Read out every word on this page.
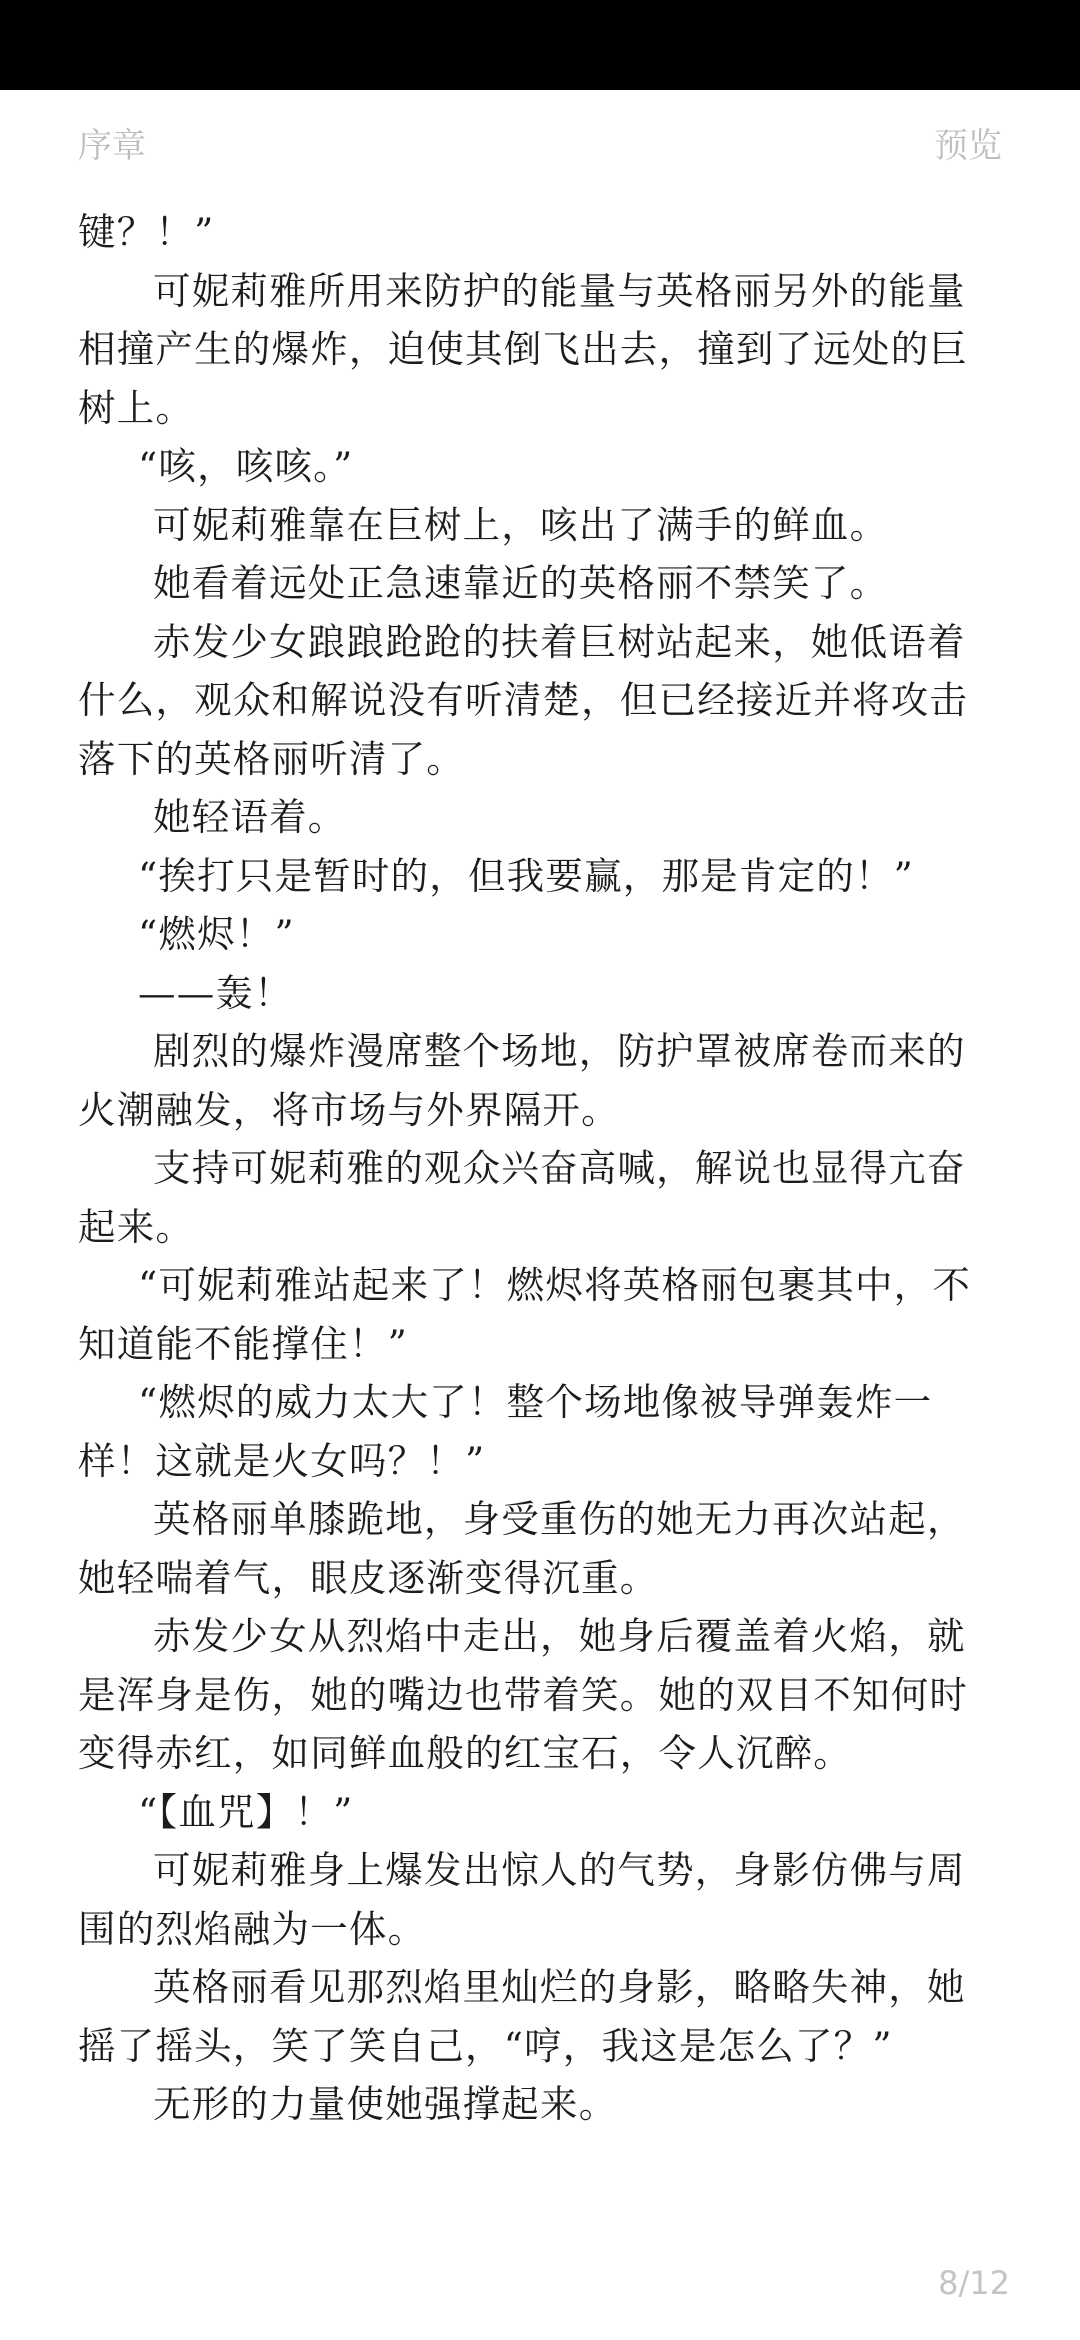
序章	预览

键？！”

可妮莉雅所用来防护的能量与英格丽另外的能量相撞产生的爆炸，迫使其倒飞出去，撞到了远处的巨树上。

“咳，咳咳。”

可妮莉雅靠在巨树上，咳出了满手的鲜血。

她看着远处正急速靠近的英格丽不禁笑了。

赤发少女踉踉跄跄的扶着巨树站起来，她低语着什么，观众和解说没有听清楚，但已经接近并将攻击落下的英格丽听清了。

她轻语着。

“挨打只是暂时的，但我要赢，那是肯定的！”

“燃烬！”

——轰！

剧烈的爆炸漫席整个场地，防护罩被席卷而来的火潮融发，将市场与外界隔开。

支持可妮莉雅的观众兴奋高喊，解说也显得亢奋起来。

“可妮莉雅站起来了！燃烬将英格丽包裹其中，不知道能不能撑住！”

“燃烬的威力太大了！整个场地像被导弹轰炸一样！这就是火女吗？！”

英格丽单膝跪地，身受重伤的她无力再次站起，她轻喘着气，眼皮逐渐变得沉重。

赤发少女从烈焰中走出，她身后覆盖着火焰，就是浑身是伤，她的嘴边也带着笑。她的双目不知何时变得赤红，如同鲜血般的红宝石，令人沉醉。

“【血咒】！”

可妮莉雅身上爆发出惊人的气势，身影仿佛与周围的烈焰融为一体。

英格丽看见那烈焰里灿烂的身影，略略失神，她摇了摇头，笑了笑自己，“哼，我这是怎么了？”

无形的力量使她强撑起来。

8/12
